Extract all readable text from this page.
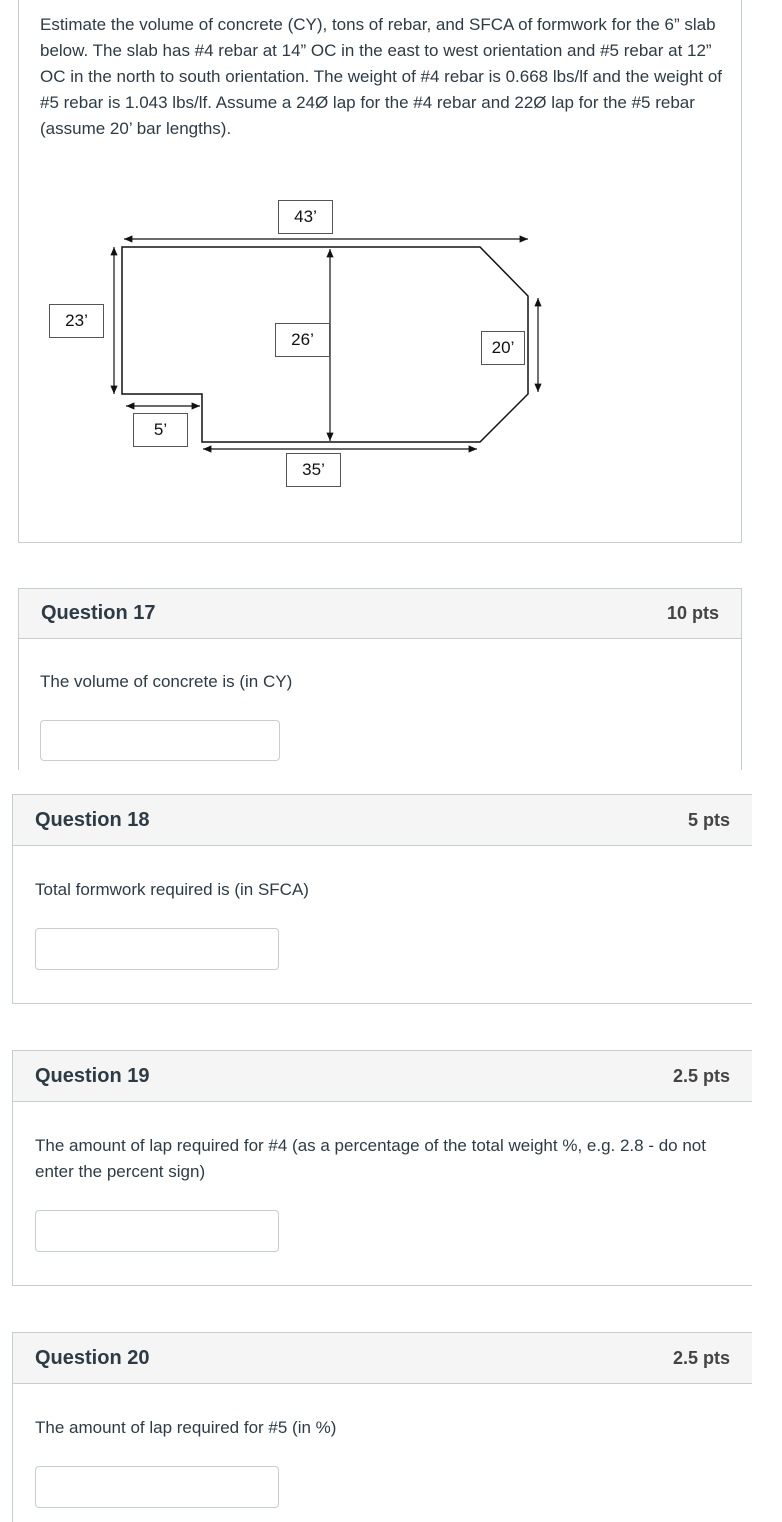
Estimate the volume of concrete (CY), tons of rebar, and SFCA of formwork for the 6” slab below. The slab has #4 rebar at 14” OC in the east to west orientation and #5 rebar at 12” OC in the north to south orientation. The weight of #4 rebar is 0.668 lbs/lf and the weight of #5 rebar is 1.043 lbs/lf. Assume a 24Ø lap for the #4 rebar and 22Ø lap for the #5 rebar (assume 20’ bar lengths).
43’
23’
26’	20’
5’
35’
Question 17	10 pts
The volume of concrete is (in CY)
Question 18	5 pts
Total formwork required is (in SFCA)
Question 19	2.5 pts
The amount of lap required for #4 (as a percentage of the total weight %, e.g. 2.8 - do not enter the percent sign)
Question 20	2.5 pts
The amount of lap required for #5 (in %)
